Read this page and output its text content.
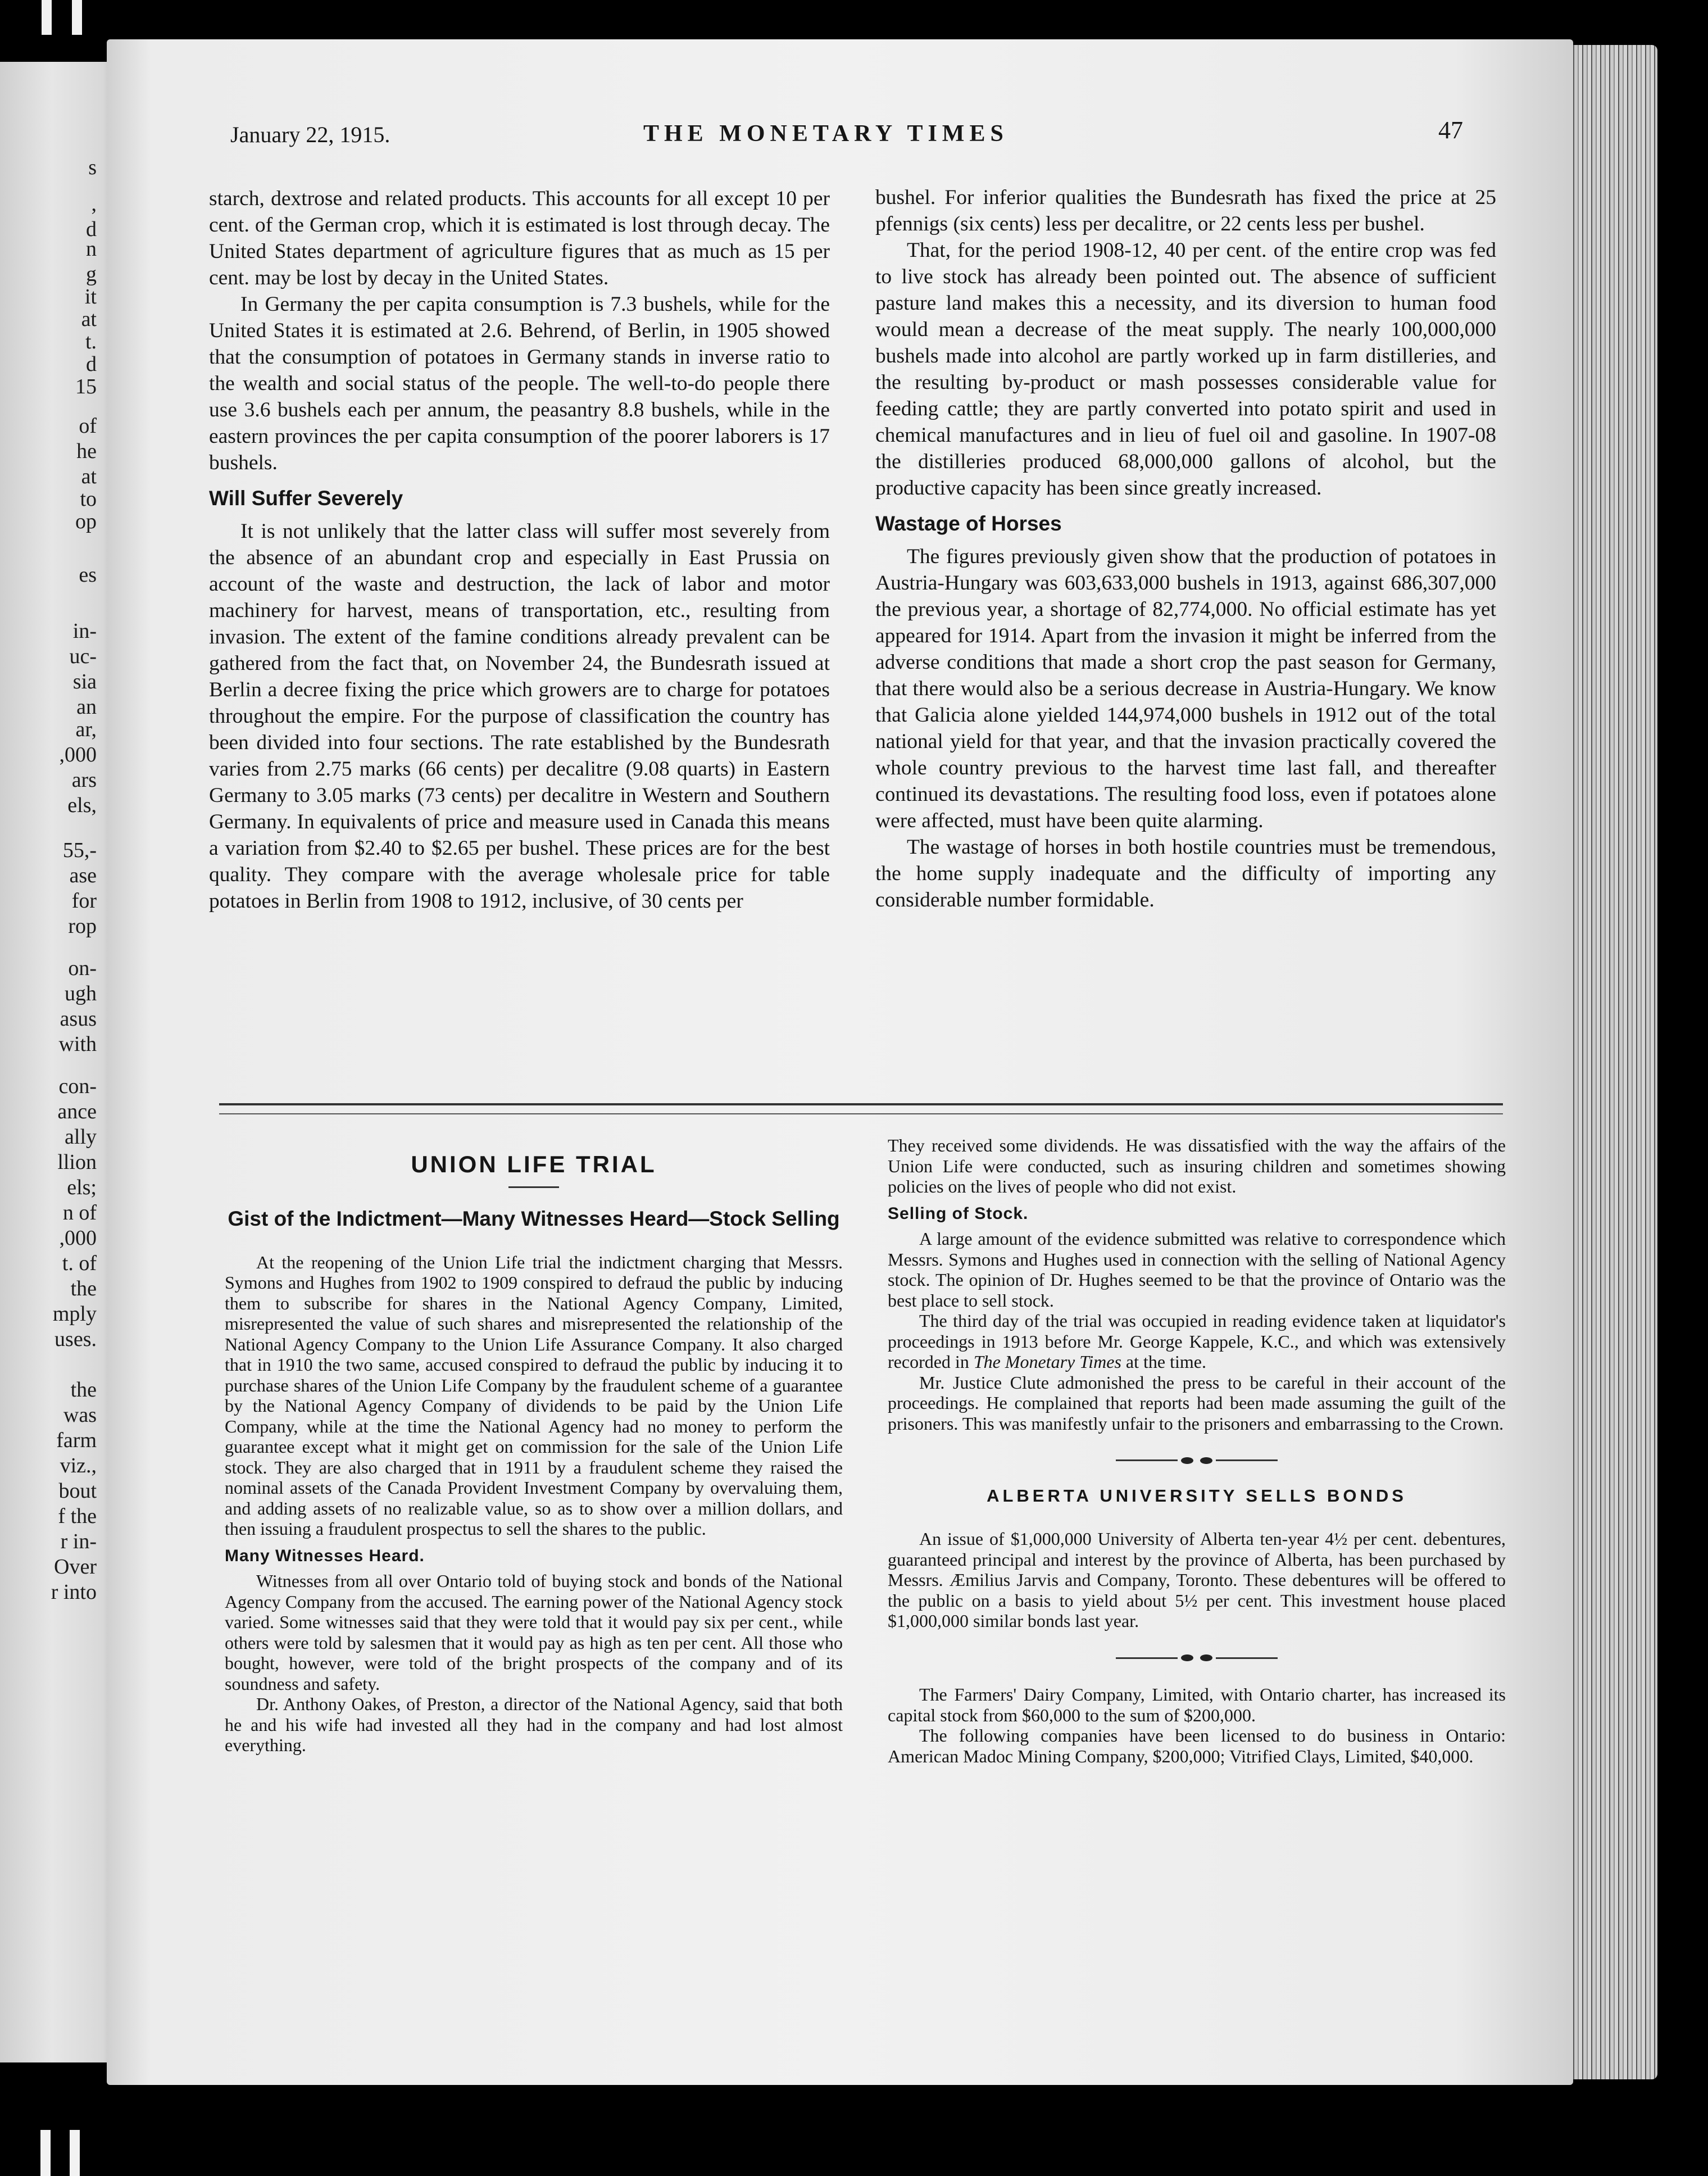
s
,
d
n
g
it
at
t.
d
15
of
he
at
to
op
es
in-
uc-
sia
an
ar,
,000
ars
els,
55,-
ase
for
rop
on-
ugh
asus
with
con-
ance
ally
llion
els;
n of
,000
t. of
the
mply
uses.
the
was
farm
viz.,
bout
f the
r in-
Over
r into
January 22, 1915.	THE MONETARY TIMES	47

starch, dextrose and related products. This accounts for all except 10 per cent. of the German crop, which it is estimated is lost through decay. The United States department of agriculture figures that as much as 15 per cent. may be lost by decay in the United States.

In Germany the per capita consumption is 7.3 bushels, while for the United States it is estimated at 2.6. Behrend, of Berlin, in 1905 showed that the consumption of potatoes in Germany stands in inverse ratio to the wealth and social status of the people. The well-to-do people there use 3.6 bushels each per annum, the peasantry 8.8 bushels, while in the eastern provinces the per capita consumption of the poorer laborers is 17 bushels.

Will Suffer Severely

It is not unlikely that the latter class will suffer most severely from the absence of an abundant crop and especially in East Prussia on account of the waste and destruction, the lack of labor and motor machinery for harvest, means of transportation, etc., resulting from invasion. The extent of the famine conditions already prevalent can be gathered from the fact that, on November 24, the Bundesrath issued at Berlin a decree fixing the price which growers are to charge for potatoes throughout the empire. For the purpose of classification the country has been divided into four sections. The rate established by the Bundesrath varies from 2.75 marks (66 cents) per decalitre (9.08 quarts) in Eastern Germany to 3.05 marks (73 cents) per decalitre in Western and Southern Germany. In equivalents of price and measure used in Canada this means a variation from $2.40 to $2.65 per bushel. These prices are for the best quality. They compare with the average wholesale price for table potatoes in Berlin from 1908 to 1912, inclusive, of 30 cents per

bushel. For inferior qualities the Bundesrath has fixed the price at 25 pfennigs (six cents) less per decalitre, or 22 cents less per bushel.

That, for the period 1908-12, 40 per cent. of the entire crop was fed to live stock has already been pointed out. The absence of sufficient pasture land makes this a necessity, and its diversion to human food would mean a decrease of the meat supply. The nearly 100,000,000 bushels made into alcohol are partly worked up in farm distilleries, and the resulting by-product or mash possesses considerable value for feeding cattle; they are partly converted into potato spirit and used in chemical manufactures and in lieu of fuel oil and gasoline. In 1907-08 the distilleries produced 68,000,000 gallons of alcohol, but the productive capacity has been since greatly increased.

Wastage of Horses

The figures previously given show that the production of potatoes in Austria-Hungary was 603,633,000 bushels in 1913, against 686,307,000 the previous year, a shortage of 82,774,000. No official estimate has yet appeared for 1914. Apart from the invasion it might be inferred from the adverse conditions that made a short crop the past season for Germany, that there would also be a serious decrease in Austria-Hungary. We know that Galicia alone yielded 144,974,000 bushels in 1912 out of the total national yield for that year, and that the invasion practically covered the whole country previous to the harvest time last fall, and thereafter continued its devastations. The resulting food loss, even if potatoes alone were affected, must have been quite alarming.

The wastage of horses in both hostile countries must be tremendous, the home supply inadequate and the difficulty of importing any considerable number formidable.

UNION LIFE TRIAL
Gist of the Indictment—Many Witnesses Heard—Stock Selling

At the reopening of the Union Life trial the indictment charging that Messrs. Symons and Hughes from 1902 to 1909 conspired to defraud the public by inducing them to subscribe for shares in the National Agency Company, Limited, misrepresented the value of such shares and misrepresented the relationship of the National Agency Company to the Union Life Assurance Company. It also charged that in 1910 the two same, accused conspired to defraud the public by inducing it to purchase shares of the Union Life Company by the fraudulent scheme of a guarantee by the National Agency Company of dividends to be paid by the Union Life Company, while at the time the National Agency had no money to perform the guarantee except what it might get on commission for the sale of the Union Life stock. They are also charged that in 1911 by a fraudulent scheme they raised the nominal assets of the Canada Provident Investment Company by overvaluing them, and adding assets of no realizable value, so as to show over a million dollars, and then issuing a fraudulent prospectus to sell the shares to the public.

Many Witnesses Heard.

Witnesses from all over Ontario told of buying stock and bonds of the National Agency Company from the accused. The earning power of the National Agency stock varied. Some witnesses said that they were told that it would pay six per cent., while others were told by salesmen that it would pay as high as ten per cent. All those who bought, however, were told of the bright prospects of the company and of its soundness and safety.

Dr. Anthony Oakes, of Preston, a director of the National Agency, said that both he and his wife had invested all they had in the company and had lost almost everything.

They received some dividends. He was dissatisfied with the way the affairs of the Union Life were conducted, such as insuring children and sometimes showing policies on the lives of people who did not exist.

Selling of Stock.

A large amount of the evidence submitted was relative to correspondence which Messrs. Symons and Hughes used in connection with the selling of National Agency stock. The opinion of Dr. Hughes seemed to be that the province of Ontario was the best place to sell stock.

The third day of the trial was occupied in reading evidence taken at liquidator's proceedings in 1913 before Mr. George Kappele, K.C., and which was extensively recorded in The Monetary Times at the time.

Mr. Justice Clute admonished the press to be careful in their account of the proceedings. He complained that reports had been made assuming the guilt of the prisoners. This was manifestly unfair to the prisoners and embarrassing to the Crown.

ALBERTA UNIVERSITY SELLS BONDS

An issue of $1,000,000 University of Alberta ten-year 4½ per cent. debentures, guaranteed principal and interest by the province of Alberta, has been purchased by Messrs. Æmilius Jarvis and Company, Toronto. These debentures will be offered to the public on a basis to yield about 5½ per cent. This investment house placed $1,000,000 similar bonds last year.

The Farmers' Dairy Company, Limited, with Ontario charter, has increased its capital stock from $60,000 to the sum of $200,000.

The following companies have been licensed to do business in Ontario: American Madoc Mining Company, $200,000; Vitrified Clays, Limited, $40,000.
